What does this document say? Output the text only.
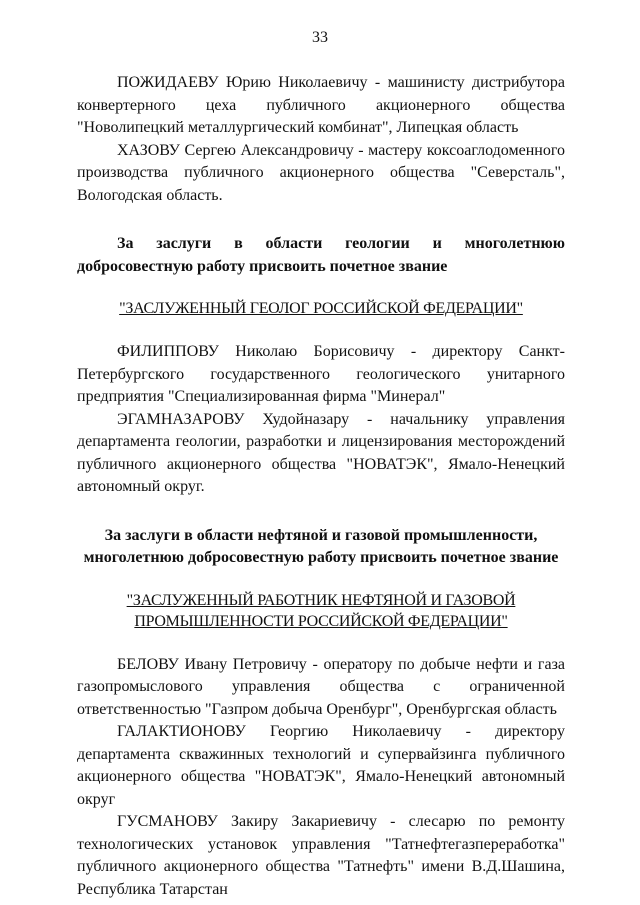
33

ПОЖИДАЕВУ Юрию Николаевичу - машинисту дистрибутора конвертерного цеха публичного акционерного общества "Новолипецкий металлургический комбинат", Липецкая область

ХАЗОВУ Сергею Александровичу - мастеру коксоаглодоменного производства публичного акционерного общества "Северсталь", Вологодская область.

За заслуги в области геологии и многолетнюю добросовестную работу присвоить почетное звание

"ЗАСЛУЖЕННЫЙ ГЕОЛОГ РОССИЙСКОЙ ФЕДЕРАЦИИ"

ФИЛИППОВУ Николаю Борисовичу - директору Санкт-Петербургского государственного геологического унитарного предприятия "Специализированная фирма "Минерал"

ЭГАМНАЗАРОВУ Худойназару - начальнику управления департамента геологии, разработки и лицензирования месторождений публичного акционерного общества "НОВАТЭК", Ямало-Ненецкий автономный округ.

За заслуги в области нефтяной и газовой промышленности, многолетнюю добросовестную работу присвоить почетное звание

"ЗАСЛУЖЕННЫЙ РАБОТНИК НЕФТЯНОЙ И ГАЗОВОЙ

ПРОМЫШЛЕННОСТИ РОССИЙСКОЙ ФЕДЕРАЦИИ"

БЕЛОВУ Ивану Петровичу - оператору по добыче нефти и газа газопромыслового управления общества с ограниченной ответственностью "Газпром добыча Оренбург", Оренбургская область

ГАЛАКТИОНОВУ Георгию Николаевичу - директору департамента скважинных технологий и супервайзинга публичного акционерного общества "НОВАТЭК", Ямало-Ненецкий автономный округ

ГУСМАНОВУ Закиру Закариевичу - слесарю по ремонту технологических установок управления "Татнефтегазпереработка" публичного акционерного общества "Татнефть" имени В.Д.Шашина, Республика Татарстан
